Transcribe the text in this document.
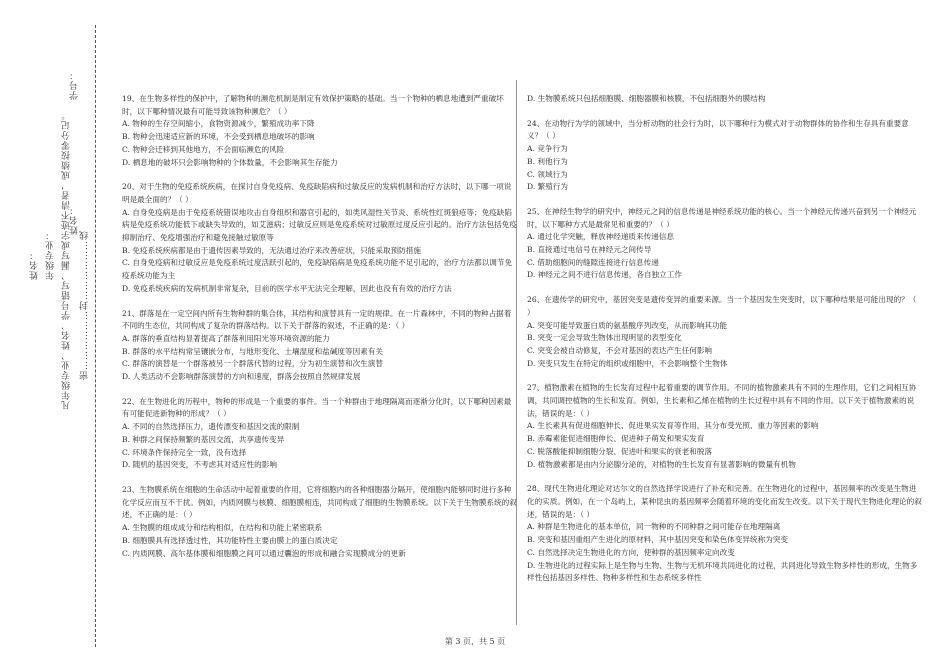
姓名： 年级专业： 凡年级专业、姓名、学号错写、漏写或字迹不清者，成绩按零分记。 密………………封………………线
姓名：
学号：	19、在生物多样性的保护中，了解物种的濒危机制是制定有效保护策略的基础。当一个物种的栖息地遭到严重破坏时，以下哪种情况最有可能导致该物种濒危？（ ）
A. 物种的生存空间缩小，食物资源减少，繁殖成功率下降
B. 物种会迅速适应新的环境，不会受到栖息地破坏的影响
C. 物种会迁移到其他地方，不会面临濒危的风险
D. 栖息地的破坏只会影响物种的个体数量，不会影响其生存能力
20、对于生物的免疫系统疾病，在探讨自身免疫病、免疫缺陷病和过敏反应的发病机制和治疗方法时，以下哪一项说明是最全面的？（ ）
A. 自身免疫病是由于免疫系统错误地攻击自身组织和器官引起的，如类风湿性关节炎、系统性红斑狼疮等；免疫缺陷病是免疫系统功能低下或缺失导致的，如艾滋病；过敏反应则是免疫系统对过敏原过度反应引起的。治疗方法包括免疫抑制治疗、免疫增强治疗和避免接触过敏原等
B. 免疫系统疾病都是由于遗传因素导致的，无法通过治疗来改善症状，只能采取预防措施
C. 自身免疫病和过敏反应是免疫系统过度活跃引起的，免疫缺陷病是免疫系统功能不足引起的，治疗方法都以调节免疫系统功能为主
D. 免疫系统疾病的发病机制非常复杂，目前的医学水平无法完全理解，因此也没有有效的治疗方法
21、群落是在一定空间内所有生物种群的集合体，其结构和演替具有一定的规律。在一片森林中，不同的物种占据着不同的生态位，共同构成了复杂的群落结构。以下关于群落的叙述，不正确的是：（ ）
A. 群落的垂直结构显著提高了群落利用阳光等环境资源的能力
B. 群落的水平结构常呈镶嵌分布，与地形变化、土壤湿度和盐碱度等因素有关
C. 群落的演替是一个群落被另一个群落代替的过程，分为初生演替和次生演替
D. 人类活动不会影响群落演替的方向和速度，群落会按照自然规律发展
22、在生物进化的历程中，物种的形成是一个重要的事件。当一个种群由于地理隔离而逐渐分化时，以下哪种因素最有可能促进新物种的形成？（ ）
A. 不同的自然选择压力，遗传漂变和基因交流的限制
B. 种群之间保持频繁的基因交流，共享遗传变异
C. 环境条件保持完全一致，没有选择
D. 随机的基因突变，不考虑其对适应性的影响
23、生物膜系统在细胞的生命活动中起着重要的作用，它将细胞内的各种细胞器分隔开，使细胞内能够同时进行多种化学反应而互不干扰。例如，内质网膜与核膜、细胞膜相连，共同构成了细胞的生物膜系统。以下关于生物膜系统的叙述，不正确的是：（ ）
A. 生物膜的组成成分和结构相似，在结构和功能上紧密联系
B. 细胞膜具有选择透过性，其功能特性主要由膜上的蛋白质决定
C. 内质网膜、高尔基体膜和细胞膜之间可以通过囊泡的形成和融合实现膜成分的更新
D. 生物膜系统只包括细胞膜、细胞器膜和核膜，不包括细胞外的膜结构
24、在动物行为学的领域中，当分析动物的社会行为时，以下哪种行为模式对于动物群体的协作和生存具有重要意义？（ ）
A. 竞争行为
B. 利他行为
C. 领域行为
D. 繁殖行为
25、在神经生物学的研究中，神经元之间的信息传递是神经系统功能的核心。当一个神经元传递兴奋到另一个神经元时，以下哪种方式是最常见和重要的？（ ）
A. 通过化学突触，释放神经递质来传递信息
B. 直接通过电信号在神经元之间传导
C. 借助细胞间的缝隙连接进行信息传递
D. 神经元之间不进行信息传递，各自独立工作
26、在遗传学的研究中，基因突变是遗传变异的重要来源。当一个基因发生突变时，以下哪种结果是可能出现的？（ ）
A. 突变可能导致蛋白质的氨基酸序列改变，从而影响其功能
B. 突变一定会导致生物体出现明显的表型变化
C. 突变会被自动修复，不会对基因的表达产生任何影响
D. 突变只发生在特定的组织或细胞中，不会影响整个生物体
27、植物激素在植物的生长发育过程中起着重要的调节作用。不同的植物激素具有不同的生理作用，它们之间相互协调，共同调控植物的生长和发育。例如，生长素和乙烯在植物的生长过程中具有不同的作用。以下关于植物激素的说法，错误的是：（ ）
A. 生长素具有促进细胞伸长、促进果实发育等作用，其分布受光照、重力等因素的影响
B. 赤霉素能促进细胞伸长、促进种子萌发和果实发育
C. 脱落酸能抑制细胞分裂、促进叶和果实的衰老和脱落
D. 植物激素都是由内分泌腺分泌的，对植物的生长发育有显著影响的微量有机物
28、现代生物进化理论对达尔文的自然选择学说进行了补充和完善。在生物进化的过程中，基因频率的改变是生物进化的实质。例如，在一个岛屿上，某种昆虫的基因频率会随着环境的变化而发生改变。以下关于现代生物进化理论的叙述，错误的是：（ ）
A. 种群是生物进化的基本单位，同一物种的不同种群之间可能存在地理隔离
B. 突变和基因重组产生进化的原材料，其中基因突变和染色体变异统称为突变
C. 自然选择决定生物进化的方向，使种群的基因频率定向改变
D. 生物进化的过程实际上是生物与生物、生物与无机环境共同进化的过程，共同进化导致生物多样性的形成，生物多样性包括基因多样性、物种多样性和生态系统多样性
第 3 页，共 5 页
